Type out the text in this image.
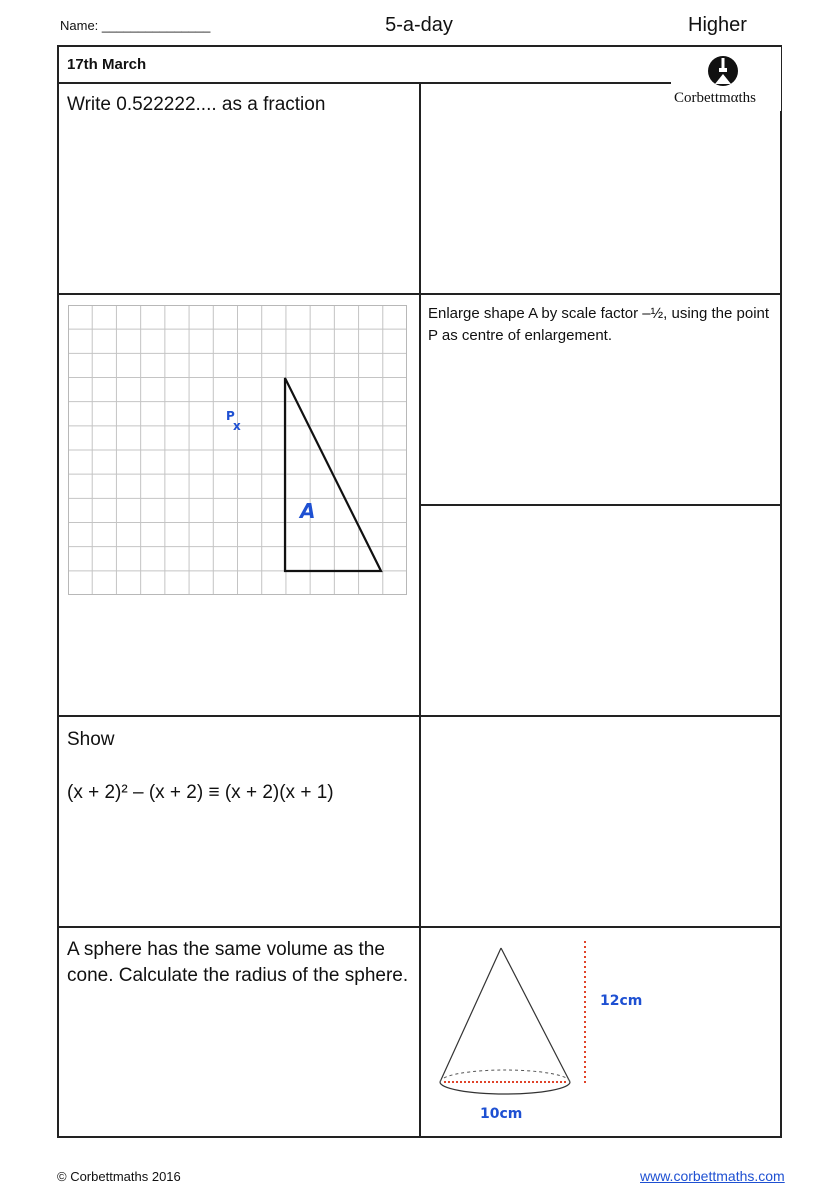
Name: _______________	5-a-day	Higher
17th March
Corbettmαths
Write 0.522222.... as a fraction
P
x
A
Enlarge shape A by scale factor –½, using the point P as centre of enlargement.
Show
(x + 2)² – (x + 2) ≡ (x + 2)(x + 1)
A sphere has the same volume as the cone. Calculate the radius of the sphere.
12cm
10cm
© Corbettmaths 2016	www.corbettmaths.com
